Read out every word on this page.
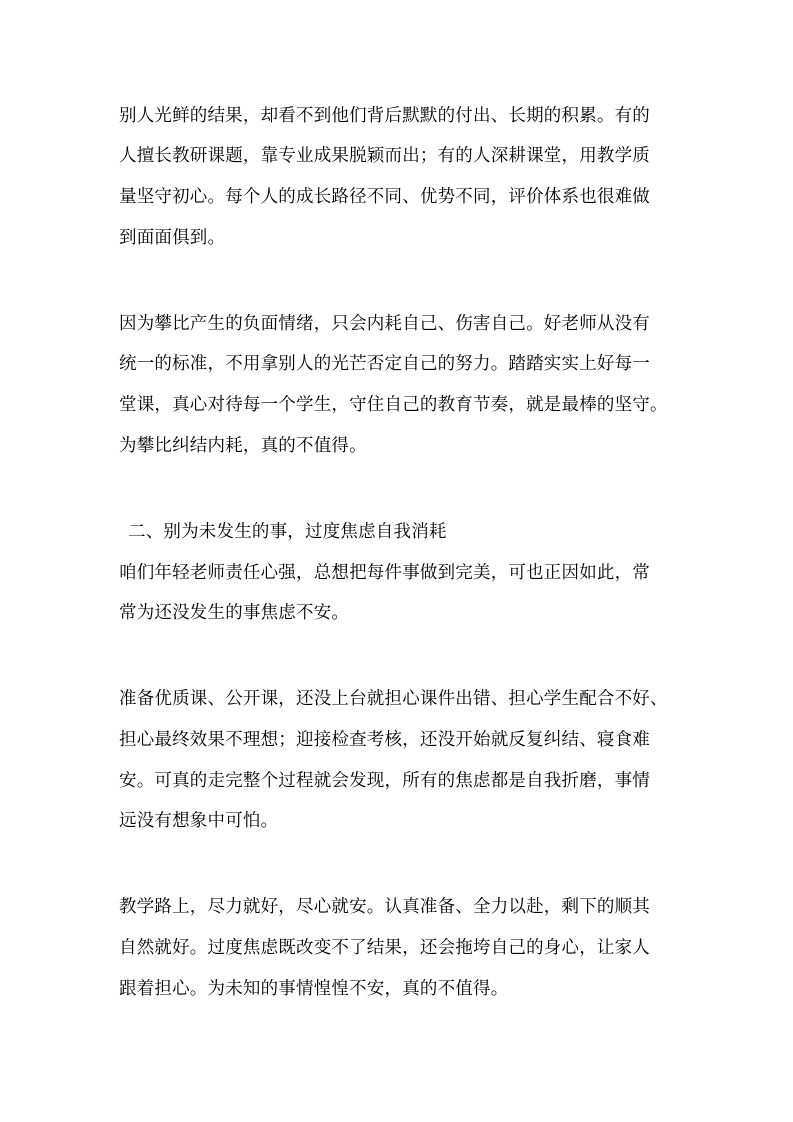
别人光鲜的结果，却看不到他们背后默默的付出、长期的积累。有的
人擅长教研课题，靠专业成果脱颖而出；有的人深耕课堂，用教学质
量坚守初心。每个人的成长路径不同、优势不同，评价体系也很难做
到面面俱到。
因为攀比产生的负面情绪，只会内耗自己、伤害自己。好老师从没有
统一的标准，不用拿别人的光芒否定自己的努力。踏踏实实上好每一
堂课，真心对待每一个学生，守住自己的教育节奏，就是最棒的坚守。
为攀比纠结内耗，真的不值得。
二、别为未发生的事，过度焦虑自我消耗
咱们年轻老师责任心强，总想把每件事做到完美，可也正因如此，常
常为还没发生的事焦虑不安。
准备优质课、公开课，还没上台就担心课件出错、担心学生配合不好、
担心最终效果不理想；迎接检查考核，还没开始就反复纠结、寝食难
安。可真的走完整个过程就会发现，所有的焦虑都是自我折磨，事情
远没有想象中可怕。
教学路上，尽力就好，尽心就安。认真准备、全力以赴，剩下的顺其
自然就好。过度焦虑既改变不了结果，还会拖垮自己的身心，让家人
跟着担心。为未知的事情惶惶不安，真的不值得。
